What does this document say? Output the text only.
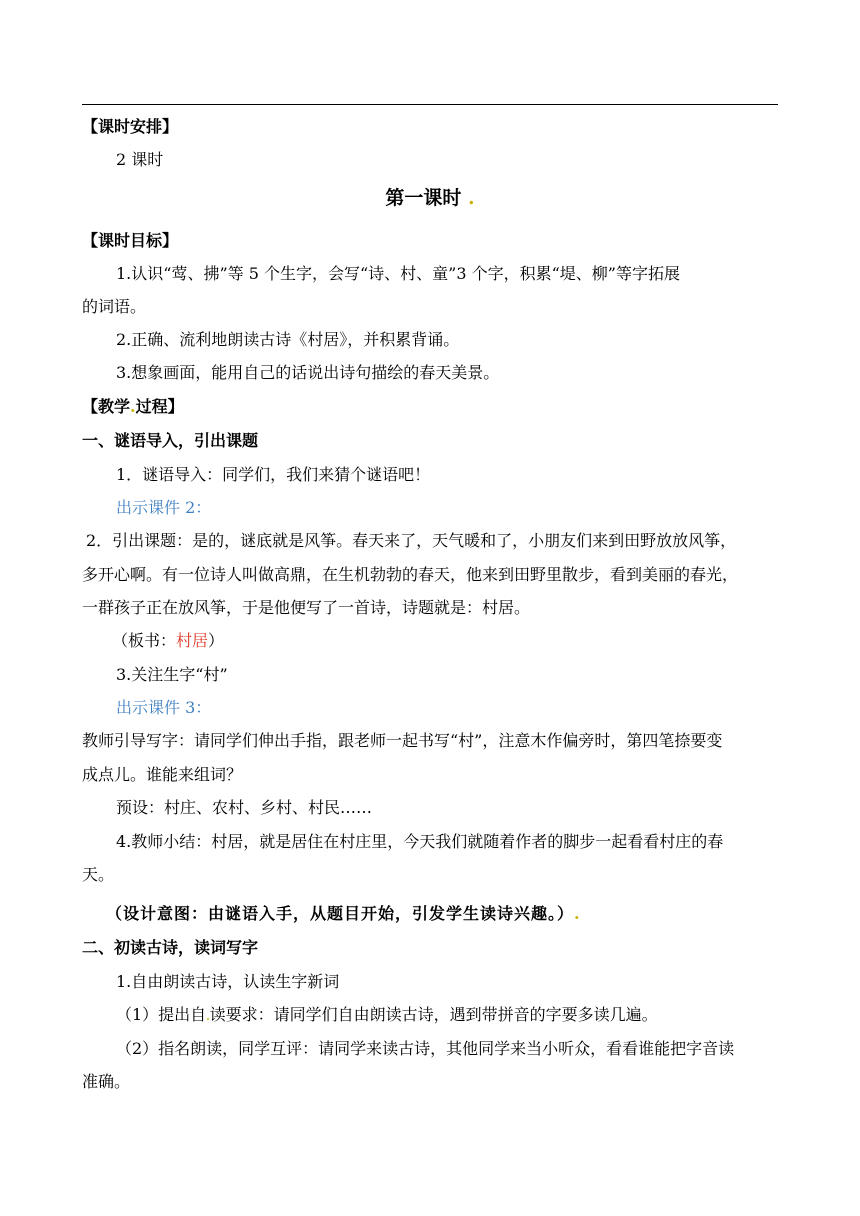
【课时安排】
2 课时
第一课时 .
【课时目标】
1.认识“莺、拂”等 5 个生字，会写“诗、村、童”3 个字，积累“堤、柳”等字拓展
的词语。
2.正确、流利地朗读古诗《村居》，并积累背诵。
3.想象画面，能用自己的话说出诗句描绘的春天美景。
【教学.过程】
一、谜语导入，引出课题
1．谜语导入：同学们，我们来猜个谜语吧！
出示课件 2：
2．引出课题：是的，谜底就是风筝。春天来了，天气暖和了，小朋友们来到田野放放风筝，
多开心啊。有一位诗人叫做高鼎，在生机勃勃的春天，他来到田野里散步，看到美丽的春光，
一群孩子正在放风筝，于是他便写了一首诗，诗题就是：村居。
（板书：村居）
3.关注生字“村”
出示课件 3：
教师引导写字：请同学们伸出手指，跟老师一起书写“村”，注意木作偏旁时，第四笔捺要变
成点儿。谁能来组词？
预设：村庄、农村、乡村、村民……
4.教师小结：村居，就是居住在村庄里，今天我们就随着作者的脚步一起看看村庄的春
天。
（设计意图：由谜语入手，从题目开始，引发学生读诗兴趣。）.
二、初读古诗，读词写字
1.自由朗读古诗，认读生字新词
（1）提出自.读要求：请同学们自由朗读古诗，遇到带拼音的字要多读几遍。
（2）指名朗读，同学互评：请同学来读古诗，其他同学来当小听众，看看谁能把字音读
准确。
